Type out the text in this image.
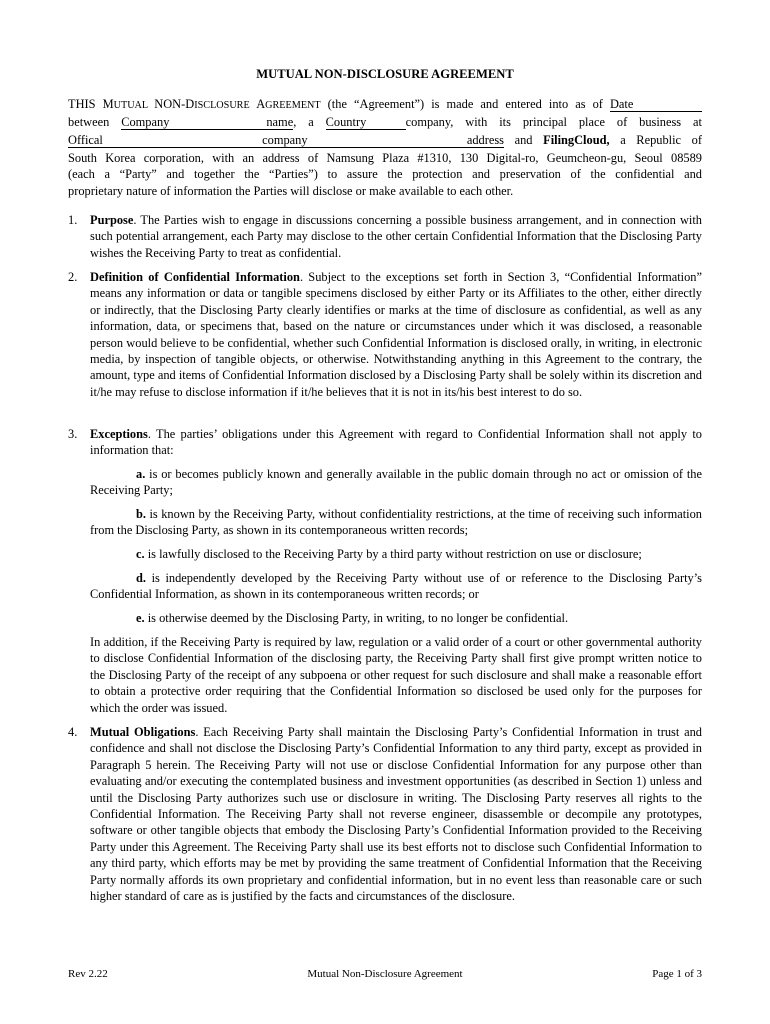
MUTUAL NON-DISCLOSURE AGREEMENT
THIS MUTUAL NON-DISCLOSURE AGREEMENT (the “Agreement”) is made and entered into as of Date
between Company name, a Country	company, with its principal place of business at
Offical company address and FilingCloud, a Republic of
South Korea corporation, with an address of Namsung Plaza #1310, 130 Digital-ro, Geumcheon-gu, Seoul 08589
(each a “Party” and together the “Parties”) to assure the protection and preservation of the confidential and
proprietary nature of information the Parties will disclose or make available to each other.
1.	Purpose. The Parties wish to engage in discussions concerning a possible business arrangement, and in connection with such potential arrangement, each Party may disclose to the other certain Confidential Information that the Disclosing Party wishes the Receiving Party to treat as confidential.
2.	Definition of Confidential Information. Subject to the exceptions set forth in Section 3, “Confidential Information” means any information or data or tangible specimens disclosed by either Party or its Affiliates to the other, either directly or indirectly, that the Disclosing Party clearly identifies or marks at the time of disclosure as confidential, as well as any information, data, or specimens that, based on the nature or circumstances under which it was disclosed, a reasonable person would believe to be confidential, whether such Confidential Information is disclosed orally, in writing, in electronic media, by inspection of tangible objects, or otherwise. Notwithstanding anything in this Agreement to the contrary, the amount, type and items of Confidential Information disclosed by a Disclosing Party shall be solely within its discretion and it/he may refuse to disclose information if it/he believes that it is not in its/his best interest to do so.
3.	Exceptions. The parties’ obligations under this Agreement with regard to Confidential Information shall not apply to information that:
a. is or becomes publicly known and generally available in the public domain through no act or omission of the Receiving Party;
b. is known by the Receiving Party, without confidentiality restrictions, at the time of receiving such information from the Disclosing Party, as shown in its contemporaneous written records;
c. is lawfully disclosed to the Receiving Party by a third party without restriction on use or disclosure;
d. is independently developed by the Receiving Party without use of or reference to the Disclosing Party’s Confidential Information, as shown in its contemporaneous written records; or
e. is otherwise deemed by the Disclosing Party, in writing, to no longer be confidential.
In addition, if the Receiving Party is required by law, regulation or a valid order of a court or other governmental authority to disclose Confidential Information of the disclosing party, the Receiving Party shall first give prompt written notice to the Disclosing Party of the receipt of any subpoena or other request for such disclosure and shall make a reasonable effort to obtain a protective order requiring that the Confidential Information so disclosed be used only for the purposes for which the order was issued.
4.	Mutual Obligations. Each Receiving Party shall maintain the Disclosing Party’s Confidential Information in trust and confidence and shall not disclose the Disclosing Party’s Confidential Information to any third party, except as provided in Paragraph 5 herein. The Receiving Party will not use or disclose Confidential Information for any purpose other than evaluating and/or executing the contemplated business and investment opportunities (as described in Section 1) unless and until the Disclosing Party authorizes such use or disclosure in writing. The Disclosing Party reserves all rights to the Confidential Information. The Receiving Party shall not reverse engineer, disassemble or decompile any prototypes, software or other tangible objects that embody the Disclosing Party’s Confidential Information provided to the Receiving Party under this Agreement. The Receiving Party shall use its best efforts not to disclose such Confidential Information to any third party, which efforts may be met by providing the same treatment of Confidential Information that the Receiving Party normally affords its own proprietary and confidential information, but in no event less than reasonable care or such higher standard of care as is justified by the facts and circumstances of the disclosure.
Rev 2.22	Mutual Non-Disclosure Agreement	Page 1 of 3
